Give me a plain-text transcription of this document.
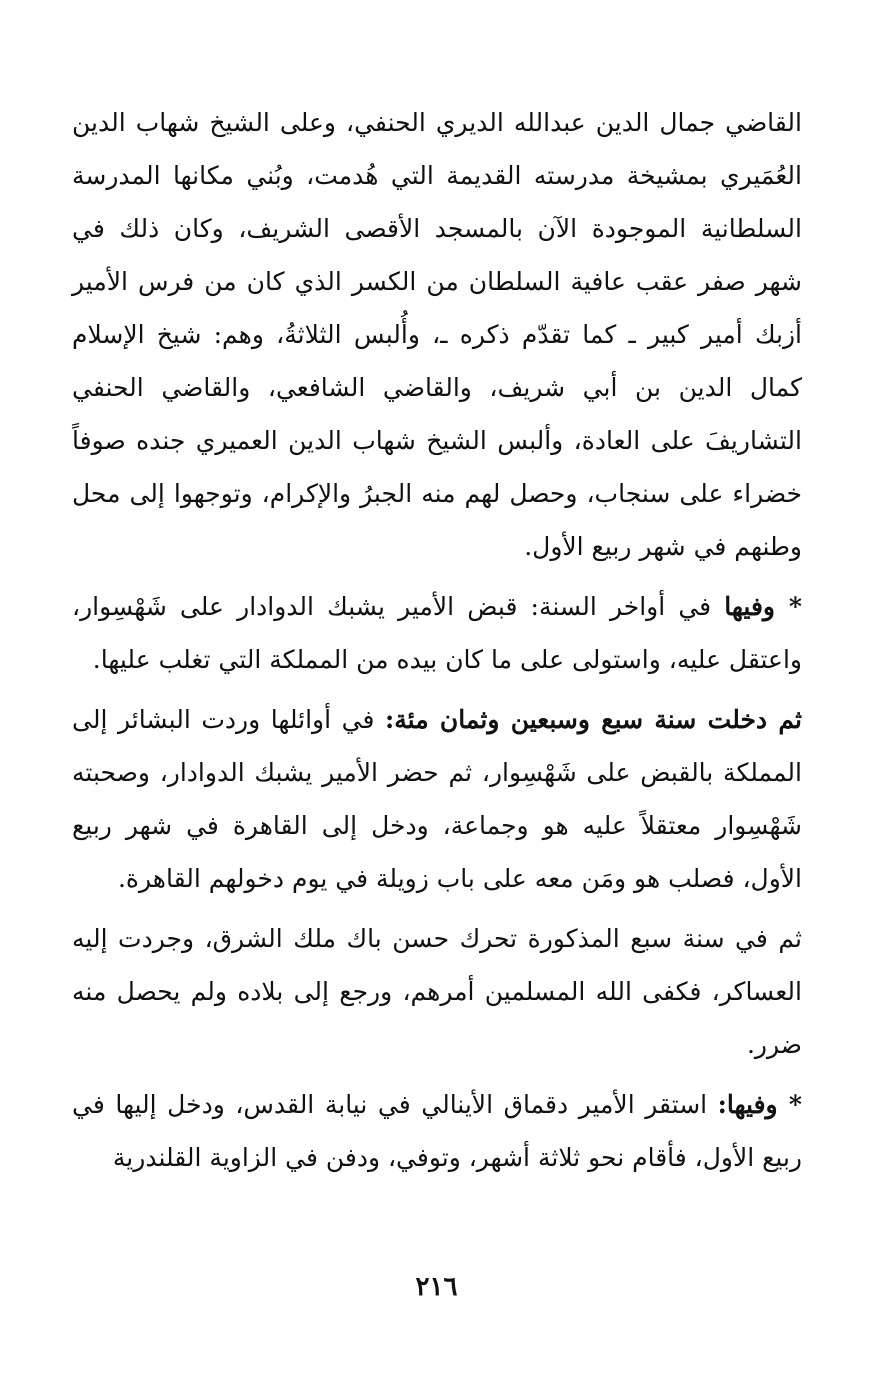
القاضي جمال الدين عبدالله الديري الحنفي، وعلى الشيخ شهاب الدين العُمَيري بمشيخة مدرسته القديمة التي هُدمت، وبُني مكانها المدرسة السلطانية الموجودة الآن بالمسجد الأقصى الشريف، وكان ذلك في شهر صفر عقب عافية السلطان من الكسر الذي كان من فرس الأمير أزبك أمير كبير ـ كما تقدّم ذكره ـ، وأُلبس الثلاثةُ، وهم: شيخ الإسلام كمال الدين بن أبي شريف، والقاضي الشافعي، والقاضي الحنفي التشاريفَ على العادة، وألبس الشيخ شهاب الدين العميري جنده صوفاً خضراء على سنجاب، وحصل لهم منه الجبرُ والإكرام، وتوجهوا إلى محل وطنهم في شهر ربيع الأول.

* وفيها في أواخر السنة: قبض الأمير يشبك الدوادار على شَهْسِوار، واعتقل عليه، واستولى على ما كان بيده من المملكة التي تغلب عليها.

ثم دخلت سنة سبع وسبعين وثمان مئة: في أوائلها وردت البشائر إلى المملكة بالقبض على شَهْسِوار، ثم حضر الأمير يشبك الدوادار، وصحبته شَهْسِوار معتقلاً عليه هو وجماعة، ودخل إلى القاهرة في شهر ربيع الأول، فصلب هو ومَن معه على باب زويلة في يوم دخولهم القاهرة.

ثم في سنة سبع المذكورة تحرك حسن باك ملك الشرق، وجردت إليه العساكر، فكفى الله المسلمين أمرهم، ورجع إلى بلاده ولم يحصل منه ضرر.

* وفيها: استقر الأمير دقماق الأينالي في نيابة القدس، ودخل إليها في ربيع الأول، فأقام نحو ثلاثة أشهر، وتوفي، ودفن في الزاوية القلندرية

٢١٦
